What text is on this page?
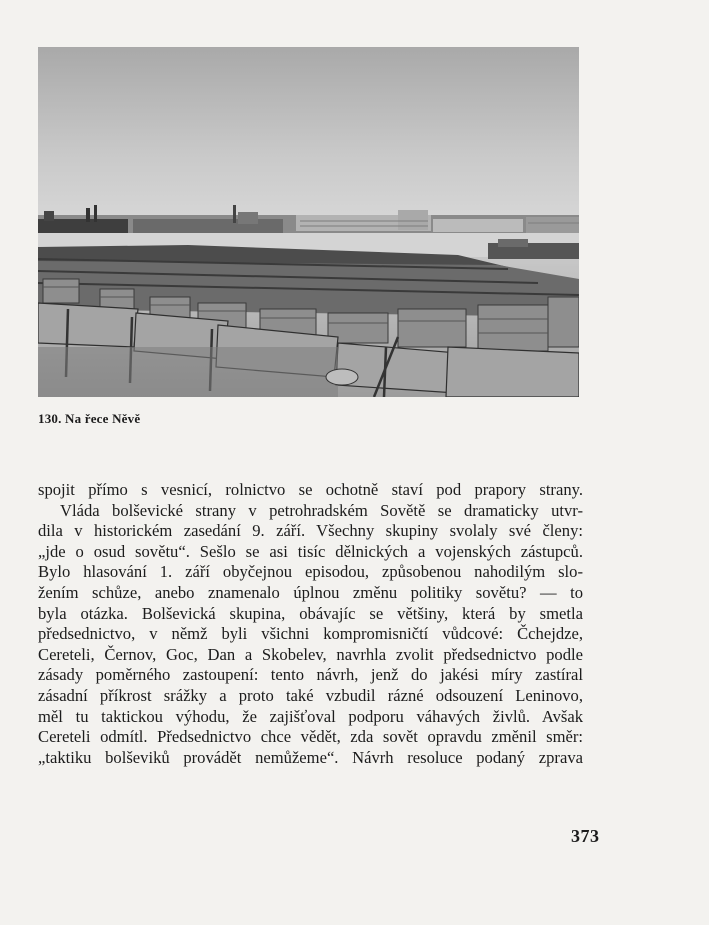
130. Na řece Něvě
spojit přímo s vesnicí, rolnictvo se ochotně staví pod prapory strany.
Vláda bolševické strany v petrohradském Sovětě se dramaticky utvr-
dila v historickém zasedání 9. září. Všechny skupiny svolaly své členy:
„jde o osud sovětu“. Sešlo se asi tisíc dělnických a vojenských zástupců.
Bylo hlasování 1. září obyčejnou episodou, způsobenou nahodilým slo-
žením schůze, anebo znamenalo úplnou změnu politiky sovětu? — to
byla otázka. Bolševická skupina, obávajíc se většiny, která by smetla
předsednictvo, v němž byli všichni kompromisničtí vůdcové: Čchejdze,
Cereteli, Černov, Goc, Dan a Skobelev, navrhla zvolit předsednictvo podle
zásady poměrného zastoupení: tento návrh, jenž do jakési míry zastíral
zásadní příkrost srážky a proto také vzbudil rázné odsouzení Leninovo,
měl tu taktickou výhodu, že zajišťoval podporu váhavých živlů. Avšak
Cereteli odmítl. Předsednictvo chce vědět, zda sovět opravdu změnil směr:
„taktiku bolševiků provádět nemůžeme“. Návrh resoluce podaný zprava
373
